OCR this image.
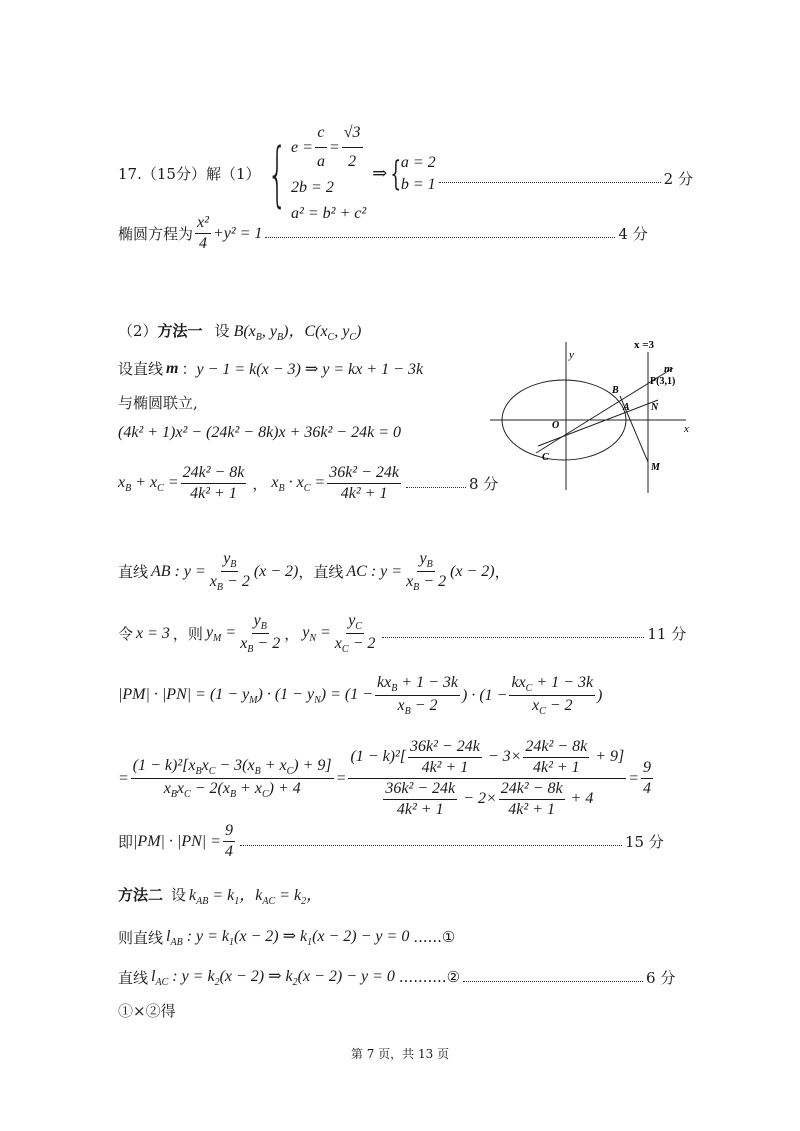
17.（15分）解（1） { $e = \frac{c}{a} = \frac{√3}{2}$
2b = 2
a² = b² + c²
⇒ { a = 2
b = 1	2 分
椭圆方程为 $\frac{\text{x²}}{4} +y^2 = 1$	4 分
（2） 方法一 设 $B(x_B$, $y_B$)，$C(x_C$, $y_C$)
设直线 m ： y − 1 = k(x − 3) ⇒ y = kx + 1 − 3k
与椭圆联立,
(4k² + 1)x² − (24k² − 8k)x + 36k² − 24k = 0
$x_B + x_C = \frac{\text{24k² − 8k}}{\text{4k² + 1}}$ ， $x_B \cdot x_C = \frac{\text{36k² − 24k}}{\text{4k² + 1}}$	8 分
直线 AB : $y = \frac{y_B}{x_B - 2} (x - 2)$ ，直线 AC : $y = \frac{y_B}{x_B - 2} (x - 2)$ ，
令 x = 3 ，则 $y_M = \frac{y_B}{x_B - 2}$ ， $y_N = \frac{y_C}{x_C - 2}$	11 分
$|PM| \cdot |PN| = (1 - y_M) \cdot (1 - y_N) = (1 - \frac{kx_B + 1 - 3k}{x_B - 2}$ ) · ($1 - \frac{kx_C + 1 - 3k}{x_C - 2}$ )
= $\frac{(1 - k)^2[x_Bx_C - 3(x_B + x_C) + 9]}{x_Bx_C - 2(x_B + x_C) + 4} = \frac{(1 - k)^2[ \frac{\text{36k² − 24k}}{\text{4k² + 1}} - 3\times \frac{\text{24k² − 8k}}{\text{4k² + 1}} + 9]}{\frac{\text{36k² − 24k}}{\text{4k² + 1}} - 2\times \frac{\text{24k² − 8k}}{\text{4k² + 1}} + 4} = \frac{9}{4}$
即 $|PM| \cdot |PN| = \frac{9}{4}$	15 分
方法二 设 $k_{AB} = k_1$，$k_{AC} = k_2$，
则直线 $l_{AB}$ : $y = k_1(x - 2)$ ⇒ $k_1(x - 2) - y = 0$ ......①
直线 $l_{AC}$ : $y = k_2(x - 2)$ ⇒ $k_2(x - 2) - y = 0$ ..........②	6 分
①×②得
y
x
x =3
m
P(3,1)
B
A N
O
C
M
第 7 页，共 13 页
